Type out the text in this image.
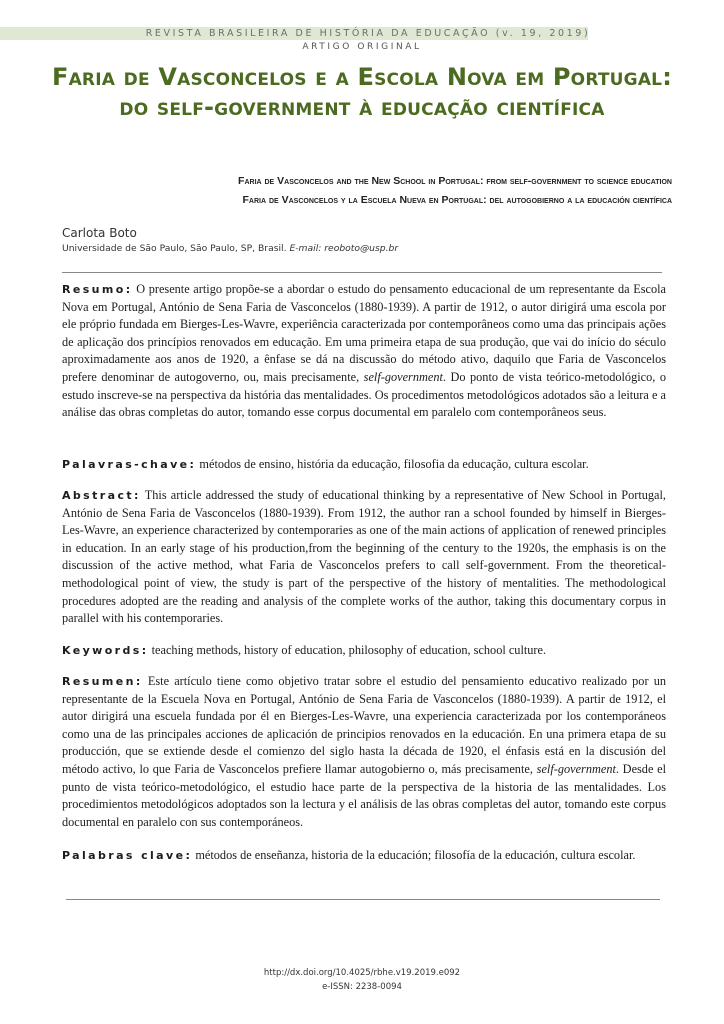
REVISTA BRASILEIRA DE HISTÓRIA DA EDUCAÇÃO (v. 19, 2019)
ARTIGO ORIGINAL
Faria de Vasconcelos e a Escola Nova em Portugal: do self-government à educação científica
Faria de Vasconcelos and the New School in Portugal: from self-government to science education
Faria de Vasconcelos y la Escuela Nueva en Portugal: del autogobierno a la educación científica
Carlota Boto
Universidade de São Paulo, São Paulo, SP, Brasil. E-mail: reoboto@usp.br
Resumo: O presente artigo propõe-se a abordar o estudo do pensamento educacional de um representante da Escola Nova em Portugal, António de Sena Faria de Vasconcelos (1880-1939). A partir de 1912, o autor dirigirá uma escola por ele próprio fundada em Bierges-Les-Wavre, experiência caracterizada por contemporâneos como uma das principais ações de aplicação dos princípios renovados em educação. Em uma primeira etapa de sua produção, que vai do início do século aproximadamente aos anos de 1920, a ênfase se dá na discussão do método ativo, daquilo que Faria de Vasconcelos prefere denominar de autogoverno, ou, mais precisamente, self-government. Do ponto de vista teórico-metodológico, o estudo inscreve-se na perspectiva da história das mentalidades. Os procedimentos metodológicos adotados são a leitura e a análise das obras completas do autor, tomando esse corpus documental em paralelo com contemporâneos seus.
Palavras-chave: métodos de ensino, história da educação, filosofia da educação, cultura escolar.
Abstract: This article addressed the study of educational thinking by a representative of New School in Portugal, António de Sena Faria de Vasconcelos (1880-1939). From 1912, the author ran a school founded by himself in Bierges-Les-Wavre, an experience characterized by contemporaries as one of the main actions of application of renewed principles in education. In an early stage of his production,from the beginning of the century to the 1920s, the emphasis is on the discussion of the active method, what Faria de Vasconcelos prefers to call self-government. From the theoretical-methodological point of view, the study is part of the perspective of the history of mentalities. The methodological procedures adopted are the reading and analysis of the complete works of the author, taking this documentary corpus in parallel with his contemporaries.
Keywords: teaching methods, history of education, philosophy of education, school culture.
Resumen: Este artículo tiene como objetivo tratar sobre el estudio del pensamiento educativo realizado por un representante de la Escuela Nova en Portugal, António de Sena Faria de Vasconcelos (1880-1939). A partir de 1912, el autor dirigirá una escuela fundada por él en Bierges-Les-Wavre, una experiencia caracterizada por los contemporáneos como una de las principales acciones de aplicación de principios renovados en la educación. En una primera etapa de su producción, que se extiende desde el comienzo del siglo hasta la década de 1920, el énfasis está en la discusión del método activo, lo que Faria de Vasconcelos prefiere llamar autogobierno o, más precisamente, self-government. Desde el punto de vista teórico-metodológico, el estudio hace parte de la perspectiva de la historia de las mentalidades. Los procedimientos metodológicos adoptados son la lectura y el análisis de las obras completas del autor, tomando este corpus documental en paralelo con sus contemporáneos.
Palabras clave: métodos de enseñanza, historia de la educación; filosofía de la educación, cultura escolar.
http://dx.doi.org/10.4025/rbhe.v19.2019.e092
e-ISSN: 2238-0094
